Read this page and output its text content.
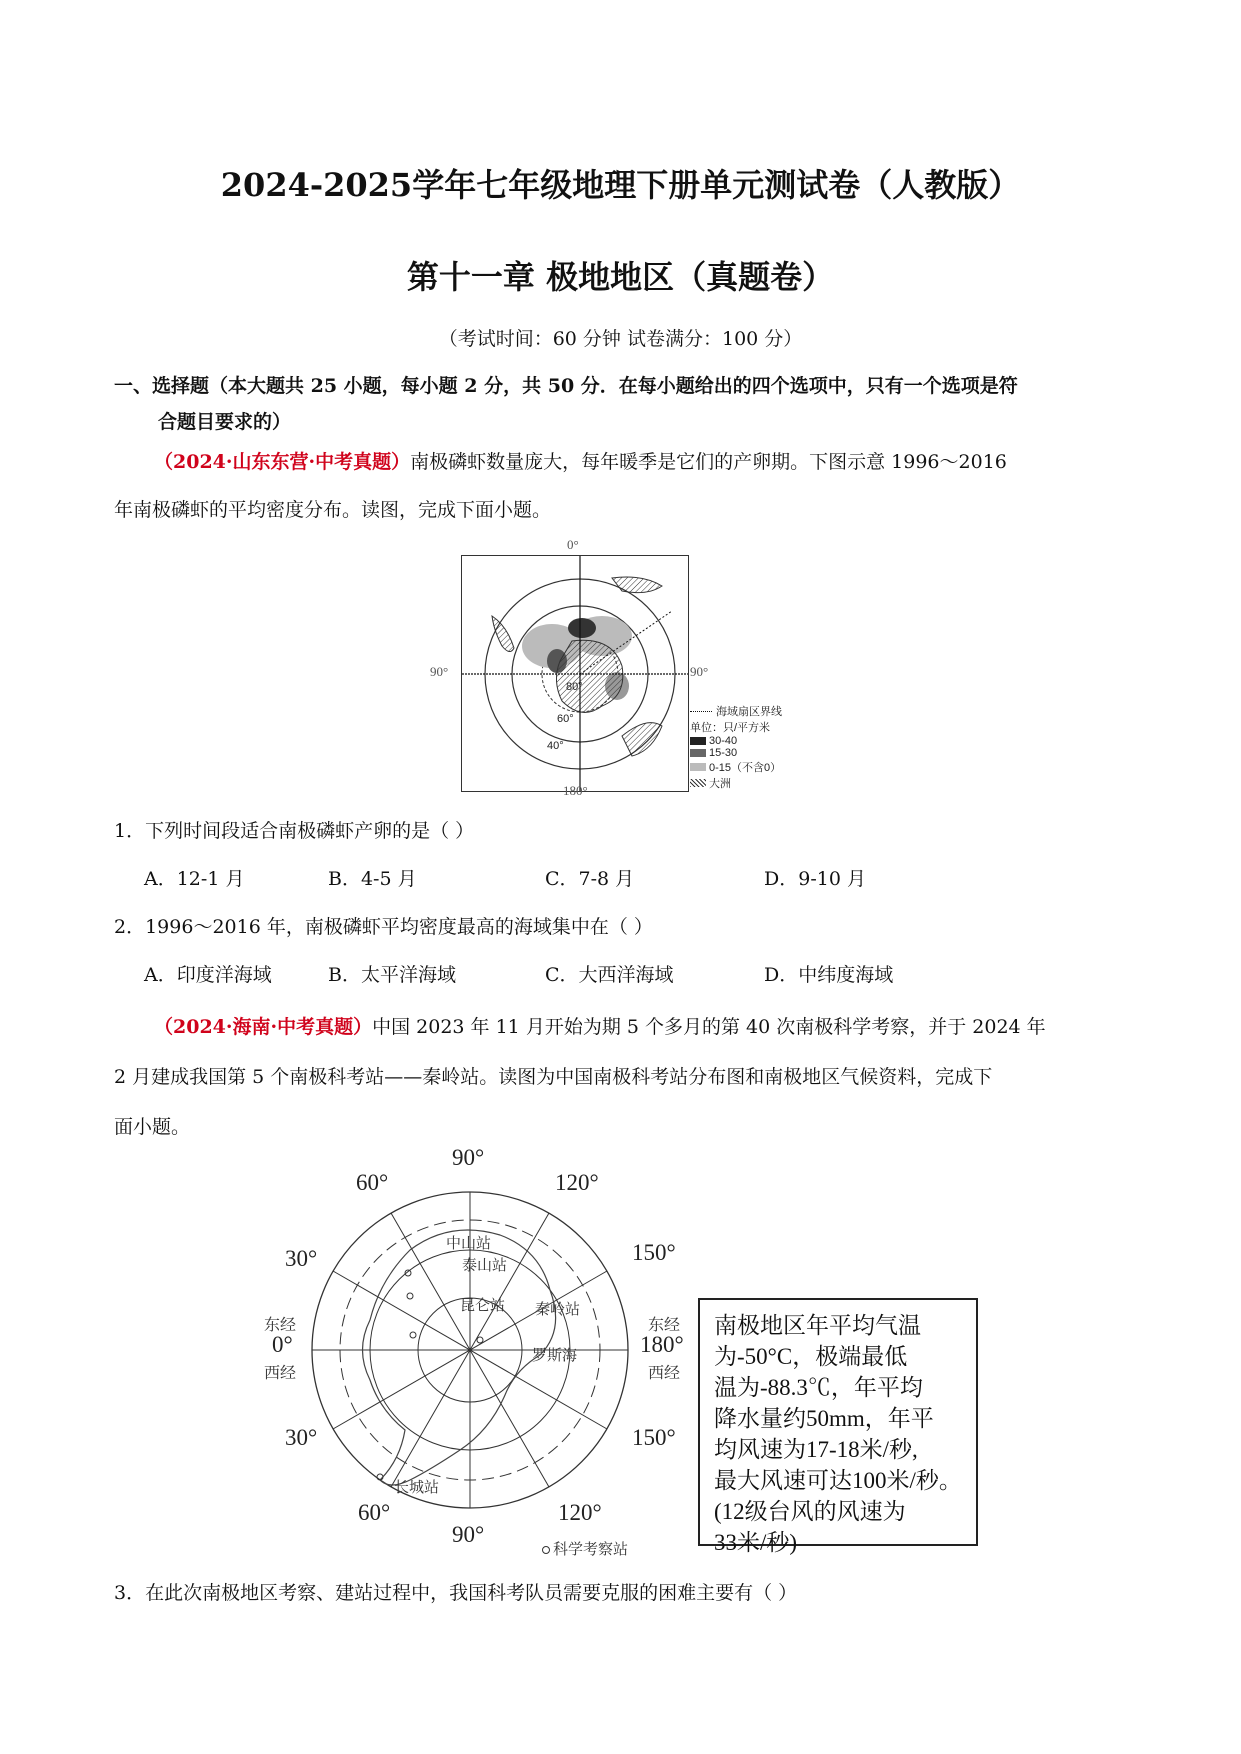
2024-2025学年七年级地理下册单元测试卷（人教版）
第十一章 极地地区（真题卷）
（考试时间：60 分钟 试卷满分：100 分）
一、选择题（本大题共 25 小题，每小题 2 分，共 50 分．在每小题给出的四个选项中，只有一个选项是符
合题目要求的）
（2024·山东东营·中考真题）南极磷虾数量庞大，每年暖季是它们的产卵期。下图示意 1996～2016
年南极磷虾的平均密度分布。读图，完成下面小题。
0°
90°	90°
180°
80°
60°
40°
海域扇区界线
单位：只/平方米
30-40
15-30
0-15（不含0）
大洲
1．下列时间段适合南极磷虾产卵的是（ ）
A．12-1 月	B．4-5 月	C．7-8 月	D．9-10 月
2．1996～2016 年，南极磷虾平均密度最高的海域集中在（ ）
A．印度洋海域	B．太平洋海域	C．大西洋海域	D．中纬度海域
（2024·海南·中考真题）中国 2023 年 11 月开始为期 5 个多月的第 40 次南极科学考察，并于 2024 年
2 月建成我国第 5 个南极科考站——秦岭站。读图为中国南极科考站分布图和南极地区气候资料，完成下
面小题。
90°
60°	120°
30°	150°
东经
0°
西经
东经
180°
西经
30°	150°
60°	120°
90°
中山站
泰山站
昆仑站 秦岭站
罗斯海
长城站
科学考察站
南极地区年平均气温
为-50°C，极端最低
温为-88.3℃，年平均
降水量约50mm，年平
均风速为17-18米/秒,
最大风速可达100米/秒。
(12级台风的风速为
33米/秒)
3．在此次南极地区考察、建站过程中，我国科考队员需要克服的困难主要有（ ）
